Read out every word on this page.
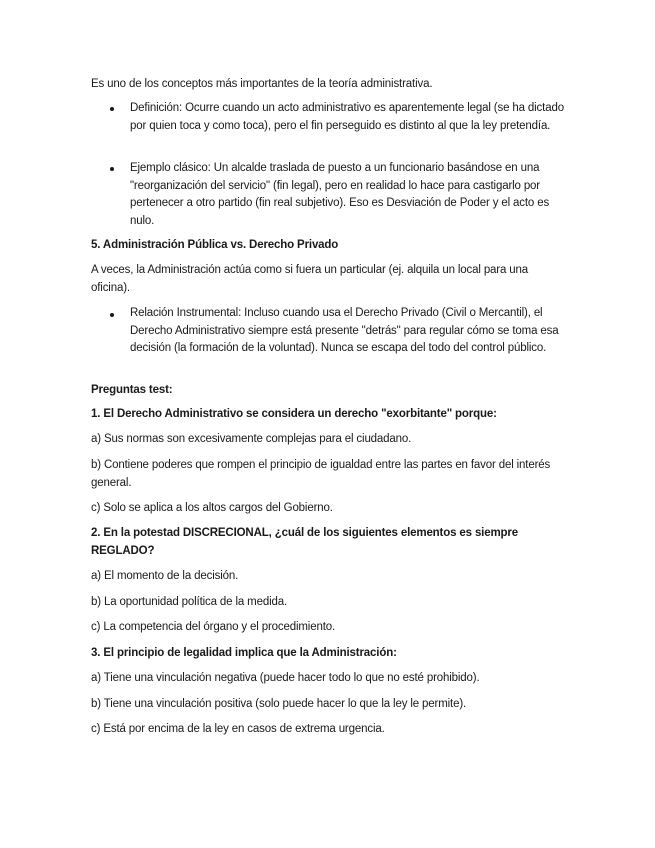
Es uno de los conceptos más importantes de la teoría administrativa.

Definición: Ocurre cuando un acto administrativo es aparentemente legal (se ha dictado por quien toca y como toca), pero el fin perseguido es distinto al que la ley pretendía.

Ejemplo clásico: Un alcalde traslada de puesto a un funcionario basándose en una "reorganización del servicio" (fin legal), pero en realidad lo hace para castigarlo por pertenecer a otro partido (fin real subjetivo). Eso es Desviación de Poder y el acto es nulo.

5. Administración Pública vs. Derecho Privado

A veces, la Administración actúa como si fuera un particular (ej. alquila un local para una oficina).

Relación Instrumental: Incluso cuando usa el Derecho Privado (Civil o Mercantil), el Derecho Administrativo siempre está presente "detrás" para regular cómo se toma esa decisión (la formación de la voluntad). Nunca se escapa del todo del control público.

Preguntas test:

1. El Derecho Administrativo se considera un derecho "exorbitante" porque:

a) Sus normas son excesivamente complejas para el ciudadano.

b) Contiene poderes que rompen el principio de igualdad entre las partes en favor del interés general.

c) Solo se aplica a los altos cargos del Gobierno.

2. En la potestad DISCRECIONAL, ¿cuál de los siguientes elementos es siempre REGLADO?

a) El momento de la decisión.

b) La oportunidad política de la medida.

c) La competencia del órgano y el procedimiento.

3. El principio de legalidad implica que la Administración:

a) Tiene una vinculación negativa (puede hacer todo lo que no esté prohibido).

b) Tiene una vinculación positiva (solo puede hacer lo que la ley le permite).

c) Está por encima de la ley en casos de extrema urgencia.
